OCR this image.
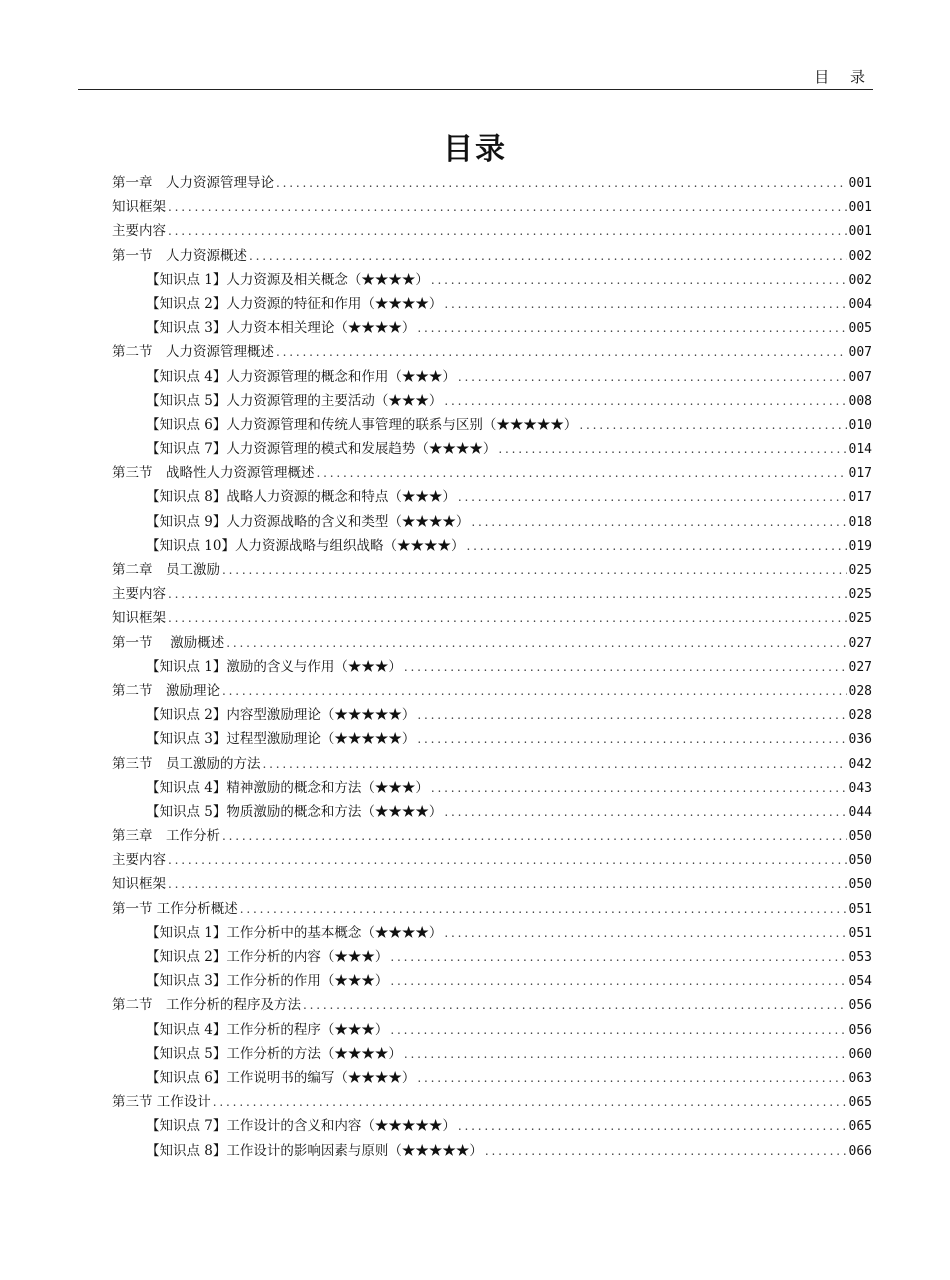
目 录
目录
第一章　人力资源管理导论 . . .	001
知识框架 . . .	001
主要内容 . . .	001
第一节　人力资源概述 . . .	002
【知识点 1】人力资源及相关概念（★★★★） . . .	002
【知识点 2】人力资源的特征和作用（★★★★） . . .	004
【知识点 3】人力资本相关理论（★★★★） . . .	005
第二节　人力资源管理概述 . . .	007
【知识点 4】人力资源管理的概念和作用（★★★） . . .	007
【知识点 5】人力资源管理的主要活动（★★★） . . .	008
【知识点 6】人力资源管理和传统人事管理的联系与区别（★★★★★） . . .	010
【知识点 7】人力资源管理的模式和发展趋势（★★★★） . . .	014
第三节　战略性人力资源管理概述 . . .	017
【知识点 8】战略人力资源的概念和特点（★★★） . . .	017
【知识点 9】人力资源战略的含义和类型（★★★★） . . .	018
【知识点 10】人力资源战略与组织战略（★★★★） . . .	019
第二章　员工激励 . . .	025
主要内容 . . .	025
知识框架 . . .	025
第一节　 激励概述 . . .	027
【知识点 1】激励的含义与作用（★★★） . . .	027
第二节　激励理论 . . .	028
【知识点 2】内容型激励理论（★★★★★） . . .	028
【知识点 3】过程型激励理论（★★★★★） . . .	036
第三节　员工激励的方法 . . .	042
【知识点 4】精神激励的概念和方法（★★★） . . .	043
【知识点 5】物质激励的概念和方法（★★★★） . . .	044
第三章　工作分析 . . .	050
主要内容 . . .	050
知识框架 . . .	050
第一节 工作分析概述 . . .	051
【知识点 1】工作分析中的基本概念（★★★★） . . .	051
【知识点 2】工作分析的内容（★★★） . . .	053
【知识点 3】工作分析的作用（★★★） . . .	054
第二节　工作分析的程序及方法 . . .	056
【知识点 4】工作分析的程序（★★★） . . .	056
【知识点 5】工作分析的方法（★★★★） . . .	060
【知识点 6】工作说明书的编写（★★★★） . . .	063
第三节 工作设计 . . .	065
【知识点 7】工作设计的含义和内容（★★★★★） . . .	065
【知识点 8】工作设计的影响因素与原则（★★★★★） . . .	066
